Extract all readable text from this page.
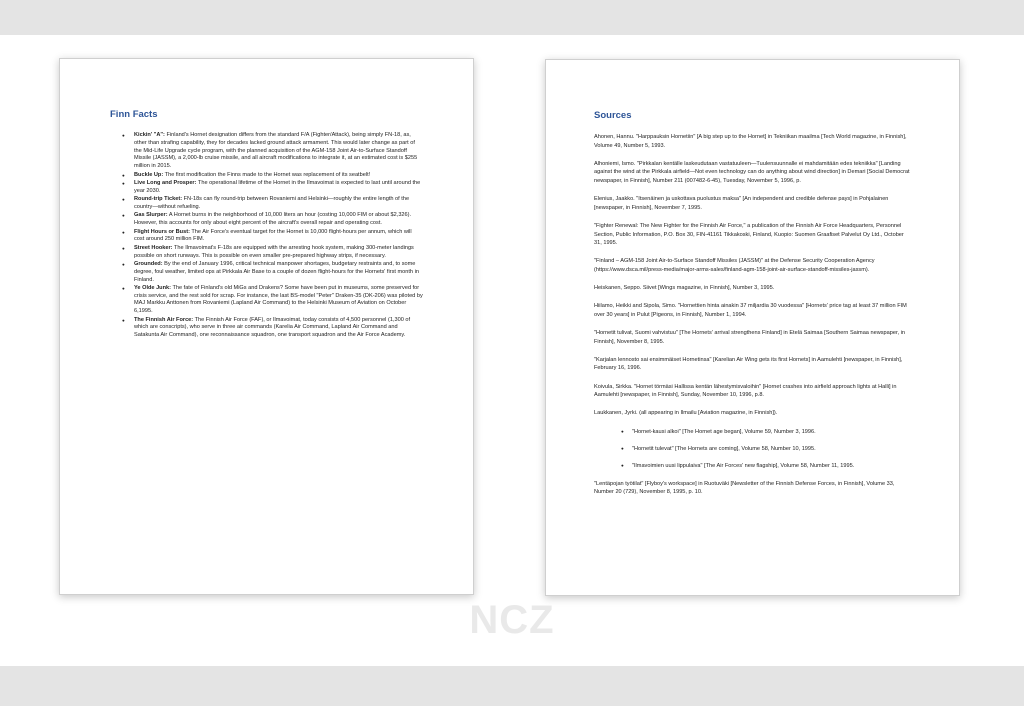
Finn Facts
● Kickin' "A": Finland's Hornet designation differs from the standard F/A (Fighter/Attack), being simply FN-18, as, other than strafing capability, they for decades lacked ground attack armament. This would later change as part of the Mid-Life Upgrade cycle program, with the planned acquisition of the AGM-158 Joint Air-to-Surface Standoff Missile (JASSM), a 2,000-lb cruise missile, and all aircraft modifications to integrate it, at an estimated cost is $255 million in 2015.
● Buckle Up: The first modification the Finns made to the Hornet was replacement of its seatbelt!
● Live Long and Prosper: The operational lifetime of the Hornet in the Ilmavoimat is expected to last until around the year 2030.
● Round-trip Ticket: FN-18s can fly round-trip between Rovaniemi and Helsinki—roughly the entire length of the country—without refueling.
● Gas Slurper: A Hornet burns in the neighborhood of 10,000 liters an hour (costing 10,000 FIM or about $2,326). However, this accounts for only about eight percent of the aircraft's overall repair and operating cost.
● Flight Hours or Bust: The Air Force's eventual target for the Hornet is 10,000 flight-hours per annum, which will cost around 250 million FIM.
● Street Hooker: The Ilmavoimat's F-18s are equipped with the arresting hook system, making 300-meter landings possible on short runways. This is possible on even smaller pre-prepared highway strips, if necessary.
● Grounded: By the end of January 1996, critical technical manpower shortages, budgetary restraints and, to some degree, foul weather, limited ops at Pirkkala Air Base to a couple of dozen flight-hours for the Hornets' first month in Finland.
● Ye Olde Junk: The fate of Finland's old MiGs and Drakens? Some have been put in museums, some preserved for crisis service, and the rest sold for scrap. For instance, the last BS-model "Peter" Draken-35 (DK-206) was piloted by MAJ Markku Anttonen from Rovaniemi (Lapland Air Command) to the Helsinki Museum of Aviation on October 6,1995.
● The Finnish Air Force: The Finnish Air Force (FAF), or Ilmavoimat, today consists of 4,500 personnel (1,300 of which are conscripts), who serve in three air commands (Karelia Air Command, Lapland Air Command and Satakunta Air Command), one reconnaissance squadron, one transport squadron and the Air Force Academy.
Sources

Ahonen, Hannu. "Harppauksin Hornetiin" [A big step up to the Hornet] in Tekniikan maailma [Tech World magazine, in Finnish], Volume 49, Number 5, 1993.

Alhoniemi, Ismo. "Pirkkalan kentälle laskeudutaan vastatuuleen—Tuulensuunnalle ei mahdamitään edes tekniikka" [Landing against the wind at the Pirkkala airfield—Not even technology can do anything about wind direction] in Demari [Social Democrat newspaper, in Finnish], Number 211 (007482-6-45), Tuesday, November 5, 1996, p.

Elenius, Jaakko. "Itsenäinen ja uskottava puolustus maksa" [An independent and credible defense pays] in Pohjalainen [newspaper, in Finnish], November 7, 1995.

"Fighter Renewal: The New Fighter for the Finnish Air Force," a publication of the Finnish Air Force Headquarters, Personnel Section, Public Information, P.O. Box 30, FIN-41161 Tikkakoski, Finland, Kuopio: Suomen Graafiset Palvelut Oy Ltd., October 31, 1995.

"Finland – AGM-158 Joint Air-to-Surface Standoff Missiles (JASSM)" at the Defense Security Cooperation Agency (https://www.dsca.mil/press-media/major-arms-sales/finland-agm-158-joint-air-surface-standoff-missiles-jassm).

Heiskanen, Seppo. Siivet [Wings magazine, in Finnish], Number 3, 1995.

Hiilamo, Heikki and Sipola, Simo. "Hornettien hinta ainakin 37 miljardia 30 vuodessa" [Hornets' price tag at least 37 million FIM over 30 years] in Pulut [Pigeons, in Finnish], Number 1, 1994.

"Hornetit tulivat, Suomi vahvistuu" [The Hornets' arrival strengthens Finland] in Etelä Saimaa [Southern Saimaa newspaper, in Finnish], November 8, 1995.

"Karjalan lennosto sai ensimmäiset Hornetinsa" [Karelian Air Wing gets its first Hornets] in Aamulehti [newspaper, in Finnish], February 16, 1996.

Koivula, Sirkka. "Hornet törmäsi Hallissa kentän lähestymisvaloihin" [Hornet crashes into airfield approach lights at Halli] in Aamulehti [newspaper, in Finnish], Sunday, November 10, 1996, p.8.

Laukkanen, Jyrki. (all appearing in Ilmailu [Aviation magazine, in Finnish]).

● "Hornet-kausi alkoi" [The Hornet age began], Volume 59, Number 3, 1996.
● "Hornetit tulevat" [The Hornets are coming], Volume 58, Number 10, 1995.
● "Ilmavoimien uusi lippulaiva" [The Air Forces' new flagship], Volume 58, Number 11, 1995.

"Lentäpojan työtilat" [Flyboy's workspace] in Ruotuväki [Newsletter of the Finnish Defense Forces, in Finnish], Volume 33, Number 20 (729), November 8, 1995, p. 10.

NCZ
